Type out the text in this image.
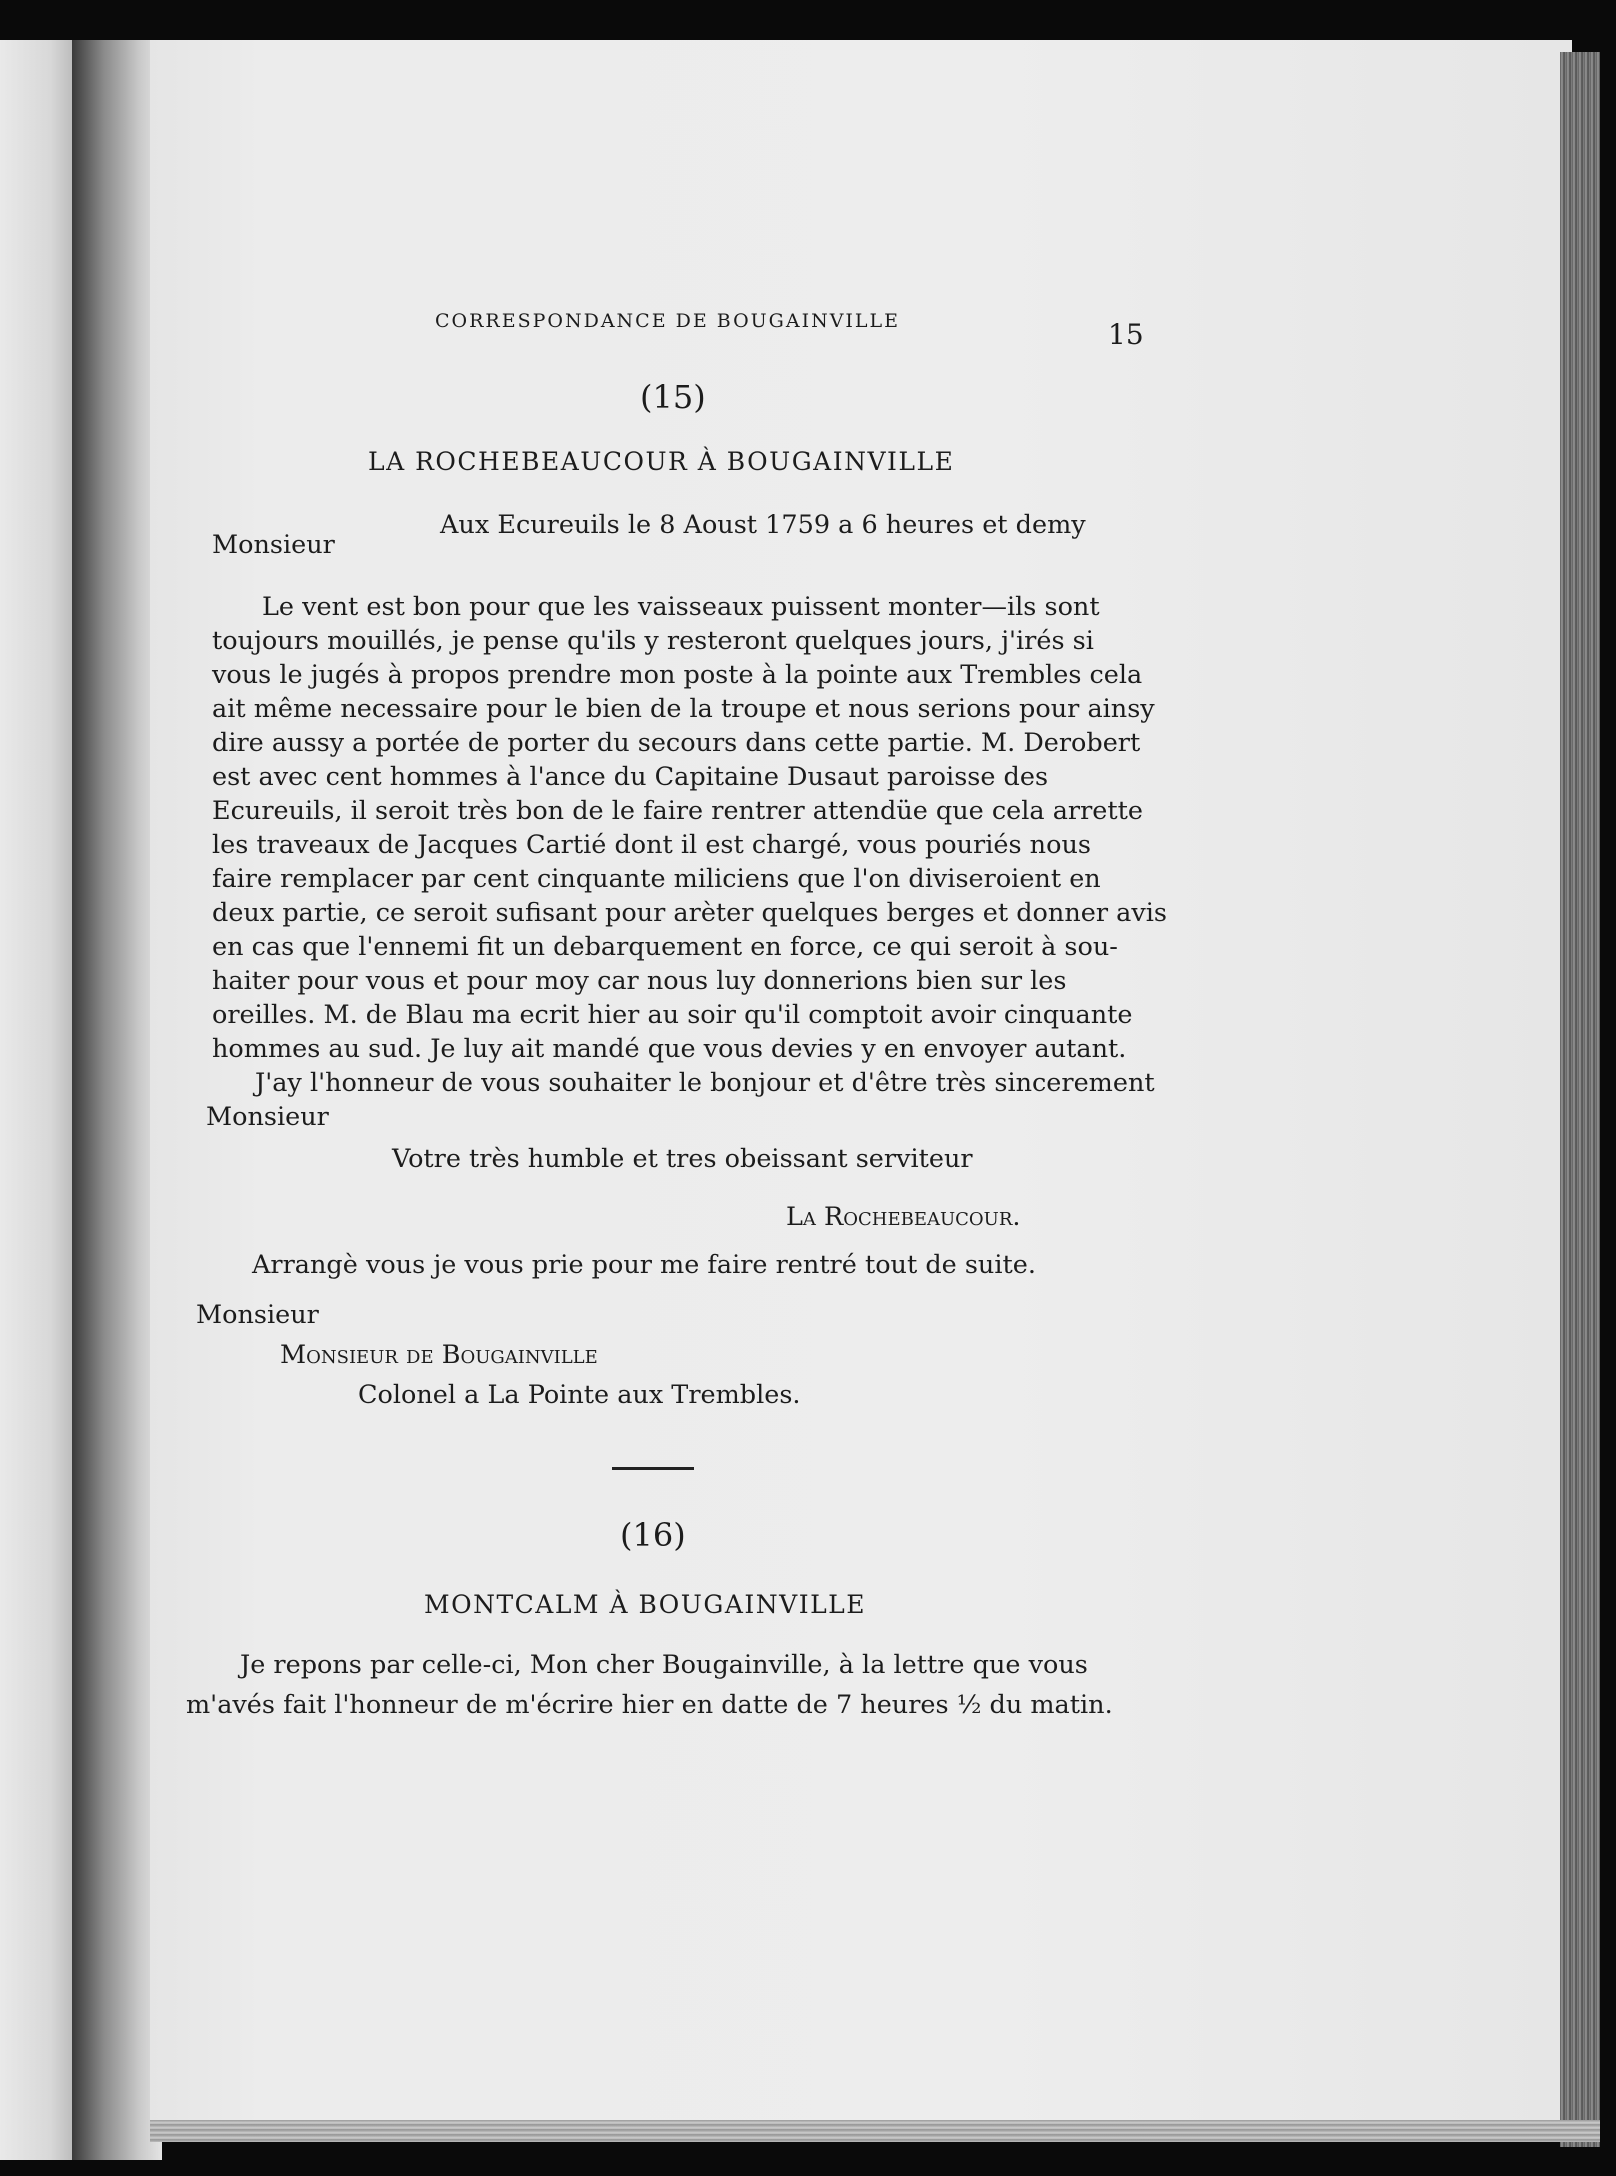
CORRESPONDANCE DE BOUGAINVILLE	15
(15)
LA ROCHEBEAUCOUR À BOUGAINVILLE
Aux Ecureuils le 8 Aoust 1759 a 6 heures et demy
Monsieur
Le vent est bon pour que les vaisseaux puissent monter—ils sont
toujours mouillés, je pense qu'ils y resteront quelques jours, j'irés si
vous le jugés à propos prendre mon poste à la pointe aux Trembles cela
ait même necessaire pour le bien de la troupe et nous serions pour ainsy
dire aussy a portée de porter du secours dans cette partie. M. Derobert
est avec cent hommes à l'ance du Capitaine Dusaut paroisse des
Ecureuils, il seroit très bon de le faire rentrer attendüe que cela arrette
les traveaux de Jacques Cartié dont il est chargé, vous pouriés nous
faire remplacer par cent cinquante miliciens que l'on diviseroient en
deux partie, ce seroit sufisant pour arèter quelques berges et donner avis
en cas que l'ennemi fit un debarquement en force, ce qui seroit à sou-
haiter pour vous et pour moy car nous luy donnerions bien sur les
oreilles. M. de Blau ma ecrit hier au soir qu'il comptoit avoir cinquante
hommes au sud. Je luy ait mandé que vous devies y en envoyer autant.
J'ay l'honneur de vous souhaiter le bonjour et d'être très sincerement
Monsieur
Votre très humble et tres obeissant serviteur
La Rochebeaucour.
Arrangè vous je vous prie pour me faire rentré tout de suite.
Monsieur
Monsieur de Bougainville
Colonel a La Pointe aux Trembles.
(16)
MONTCALM À BOUGAINVILLE
Je repons par celle-ci, Mon cher Bougainville, à la lettre que vous
m'avés fait l'honneur de m'écrire hier en datte de 7 heures ½ du matin.
